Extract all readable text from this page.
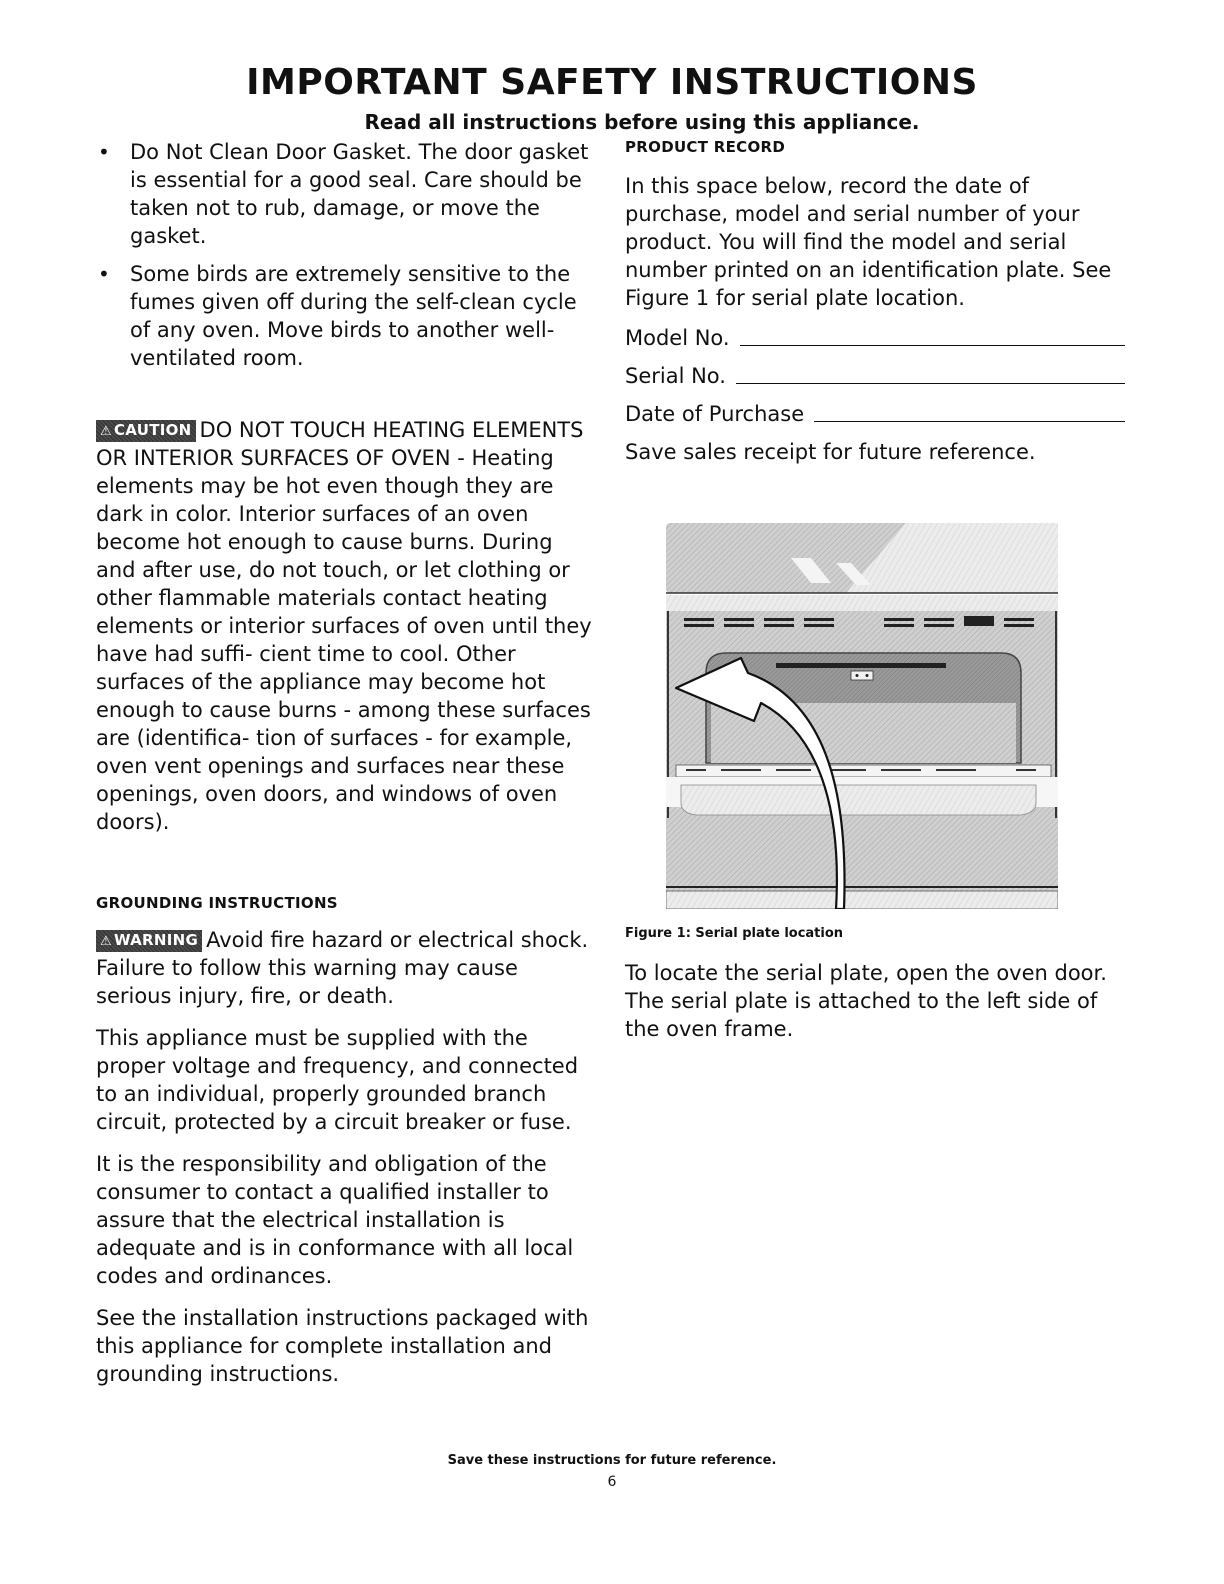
IMPORTANT SAFETY INSTRUCTIONS
Read all instructions before using this appliance.
• Do Not Clean Door Gasket. The door gasket is essential for a good seal. Care should be taken not to rub, damage, or move the gasket.
• Some birds are extremely sensitive to the fumes given off during the self-clean cycle of any oven. Move birds to another well-ventilated room.

⚠ CAUTION DO NOT TOUCH HEATING ELEMENTS OR INTERIOR SURFACES OF OVEN - Heating elements may be hot even though they are dark in color. Interior surfaces of an oven become hot enough to cause burns. During and after use, do not touch, or let clothing or other flammable materials contact heating elements or interior surfaces of oven until they have had suffi- cient time to cool. Other surfaces of the appliance may become hot enough to cause burns - among these surfaces are (identifica- tion of surfaces - for example, oven vent openings and surfaces near these openings, oven doors, and windows of oven doors).

GROUNDING INSTRUCTIONS

⚠ WARNING Avoid fire hazard or electrical shock. Failure to follow this warning may cause serious injury, fire, or death.

This appliance must be supplied with the proper voltage and frequency, and connected to an individual, properly grounded branch circuit, protected by a circuit breaker or fuse.

It is the responsibility and obligation of the consumer to contact a qualified installer to assure that the electrical installation is adequate and is in conformance with all local codes and ordinances.

See the installation instructions packaged with this appliance for complete installation and grounding instructions.

PRODUCT RECORD

In this space below, record the date of purchase, model and serial number of your product. You will find the model and serial number printed on an identification plate. See Figure 1 for serial plate location.

Model No.
Serial No.
Date of Purchase

Save sales receipt for future reference.

Figure 1: Serial plate location

To locate the serial plate, open the oven door. The serial plate is attached to the left side of the oven frame.

Save these instructions for future reference.
6
